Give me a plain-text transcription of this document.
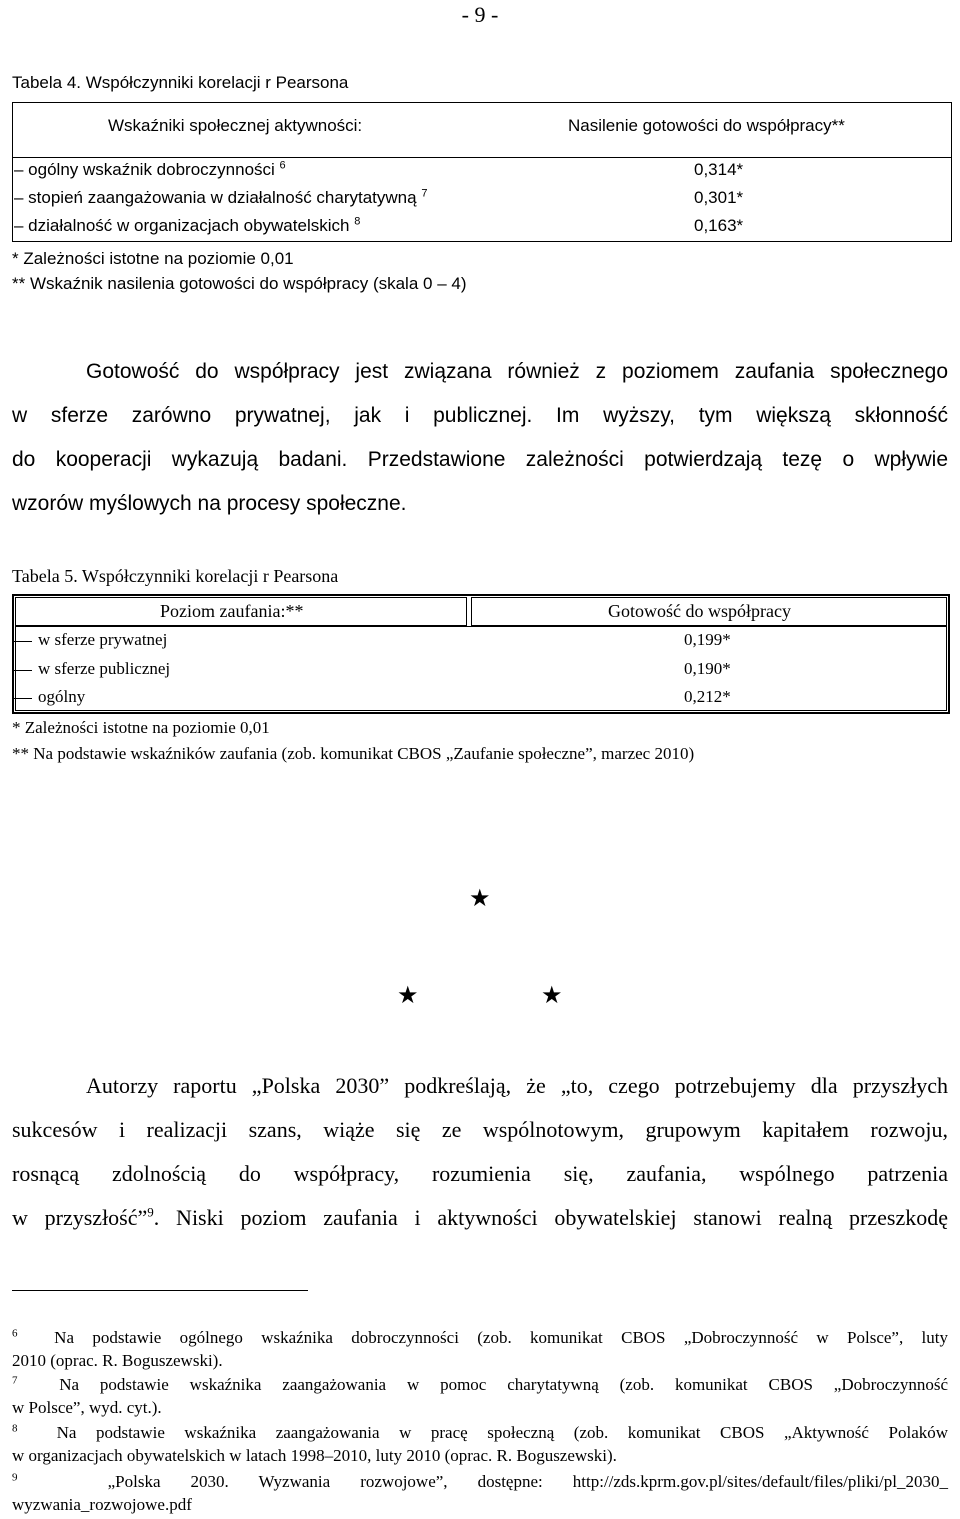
- 9 -
Tabela 4. Współczynniki korelacji r Pearsona
Wskaźniki społecznej aktywności:	Nasilenie gotowości do współpracy**
– ogólny wskaźnik dobroczynności $^6$	0,314*
– stopień zaangażowania w działalność charytatywną $^7$	0,301*
– działalność w organizacjach obywatelskich $^8$	0,163*
* Zależności istotne na poziomie 0,01
** Wskaźnik nasilenia gotowości do współpracy (skala 0 – 4)
Gotowość do współpracy jest związana również z poziomem zaufania społecznego
w sferze zarówno prywatnej, jak i publicznej. Im wyższy, tym większą skłonność
do kooperacji wykazują badani. Przedstawione zależności potwierdzają tezę o wpływie
wzorów myślowych na procesy społeczne.
Tabela 5. Współczynniki korelacji r Pearsona
Poziom zaufania:**	Gotowość do współpracy
w sferze prywatnej	0,199*
w sferze publicznej	0,190*
ogólny	0,212*
* Zależności istotne na poziomie 0,01
** Na podstawie wskaźników zaufania (zob. komunikat CBOS „Zaufanie społeczne”, marzec 2010)
★
★	★
Autorzy raportu „Polska 2030” podkreślają, że „to, czego potrzebujemy dla przyszłych
sukcesów i realizacji szans, wiąże się ze wspólnotowym, grupowym kapitałem rozwoju,
rosnącą zdolnością do współpracy, rozumienia się, zaufania, wspólnego patrzenia
w przyszłość”$^9$. Niski poziom zaufania i aktywności obywatelskiej stanowi realną przeszkodę
$^6$ Na podstawie ogólnego wskaźnika dobroczynności (zob. komunikat CBOS „Dobroczynność w Polsce”, luty
2010 (oprac. R. Boguszewski).
$^7$ Na podstawie wskaźnika zaangażowania w pomoc charytatywną (zob. komunikat CBOS „Dobroczynność
w Polsce”, wyd. cyt.).
$^8$ Na podstawie wskaźnika zaangażowania w pracę społeczną (zob. komunikat CBOS „Aktywność Polaków
w organizacjach obywatelskich w latach 1998–2010, luty 2010 (oprac. R. Boguszewski).
$^9$	„Polska 2030. Wyzwania rozwojowe”, dostępne: http://zds.kprm.gov.pl/sites/default/files/pliki/pl_2030_
wyzwania_rozwojowe.pdf
